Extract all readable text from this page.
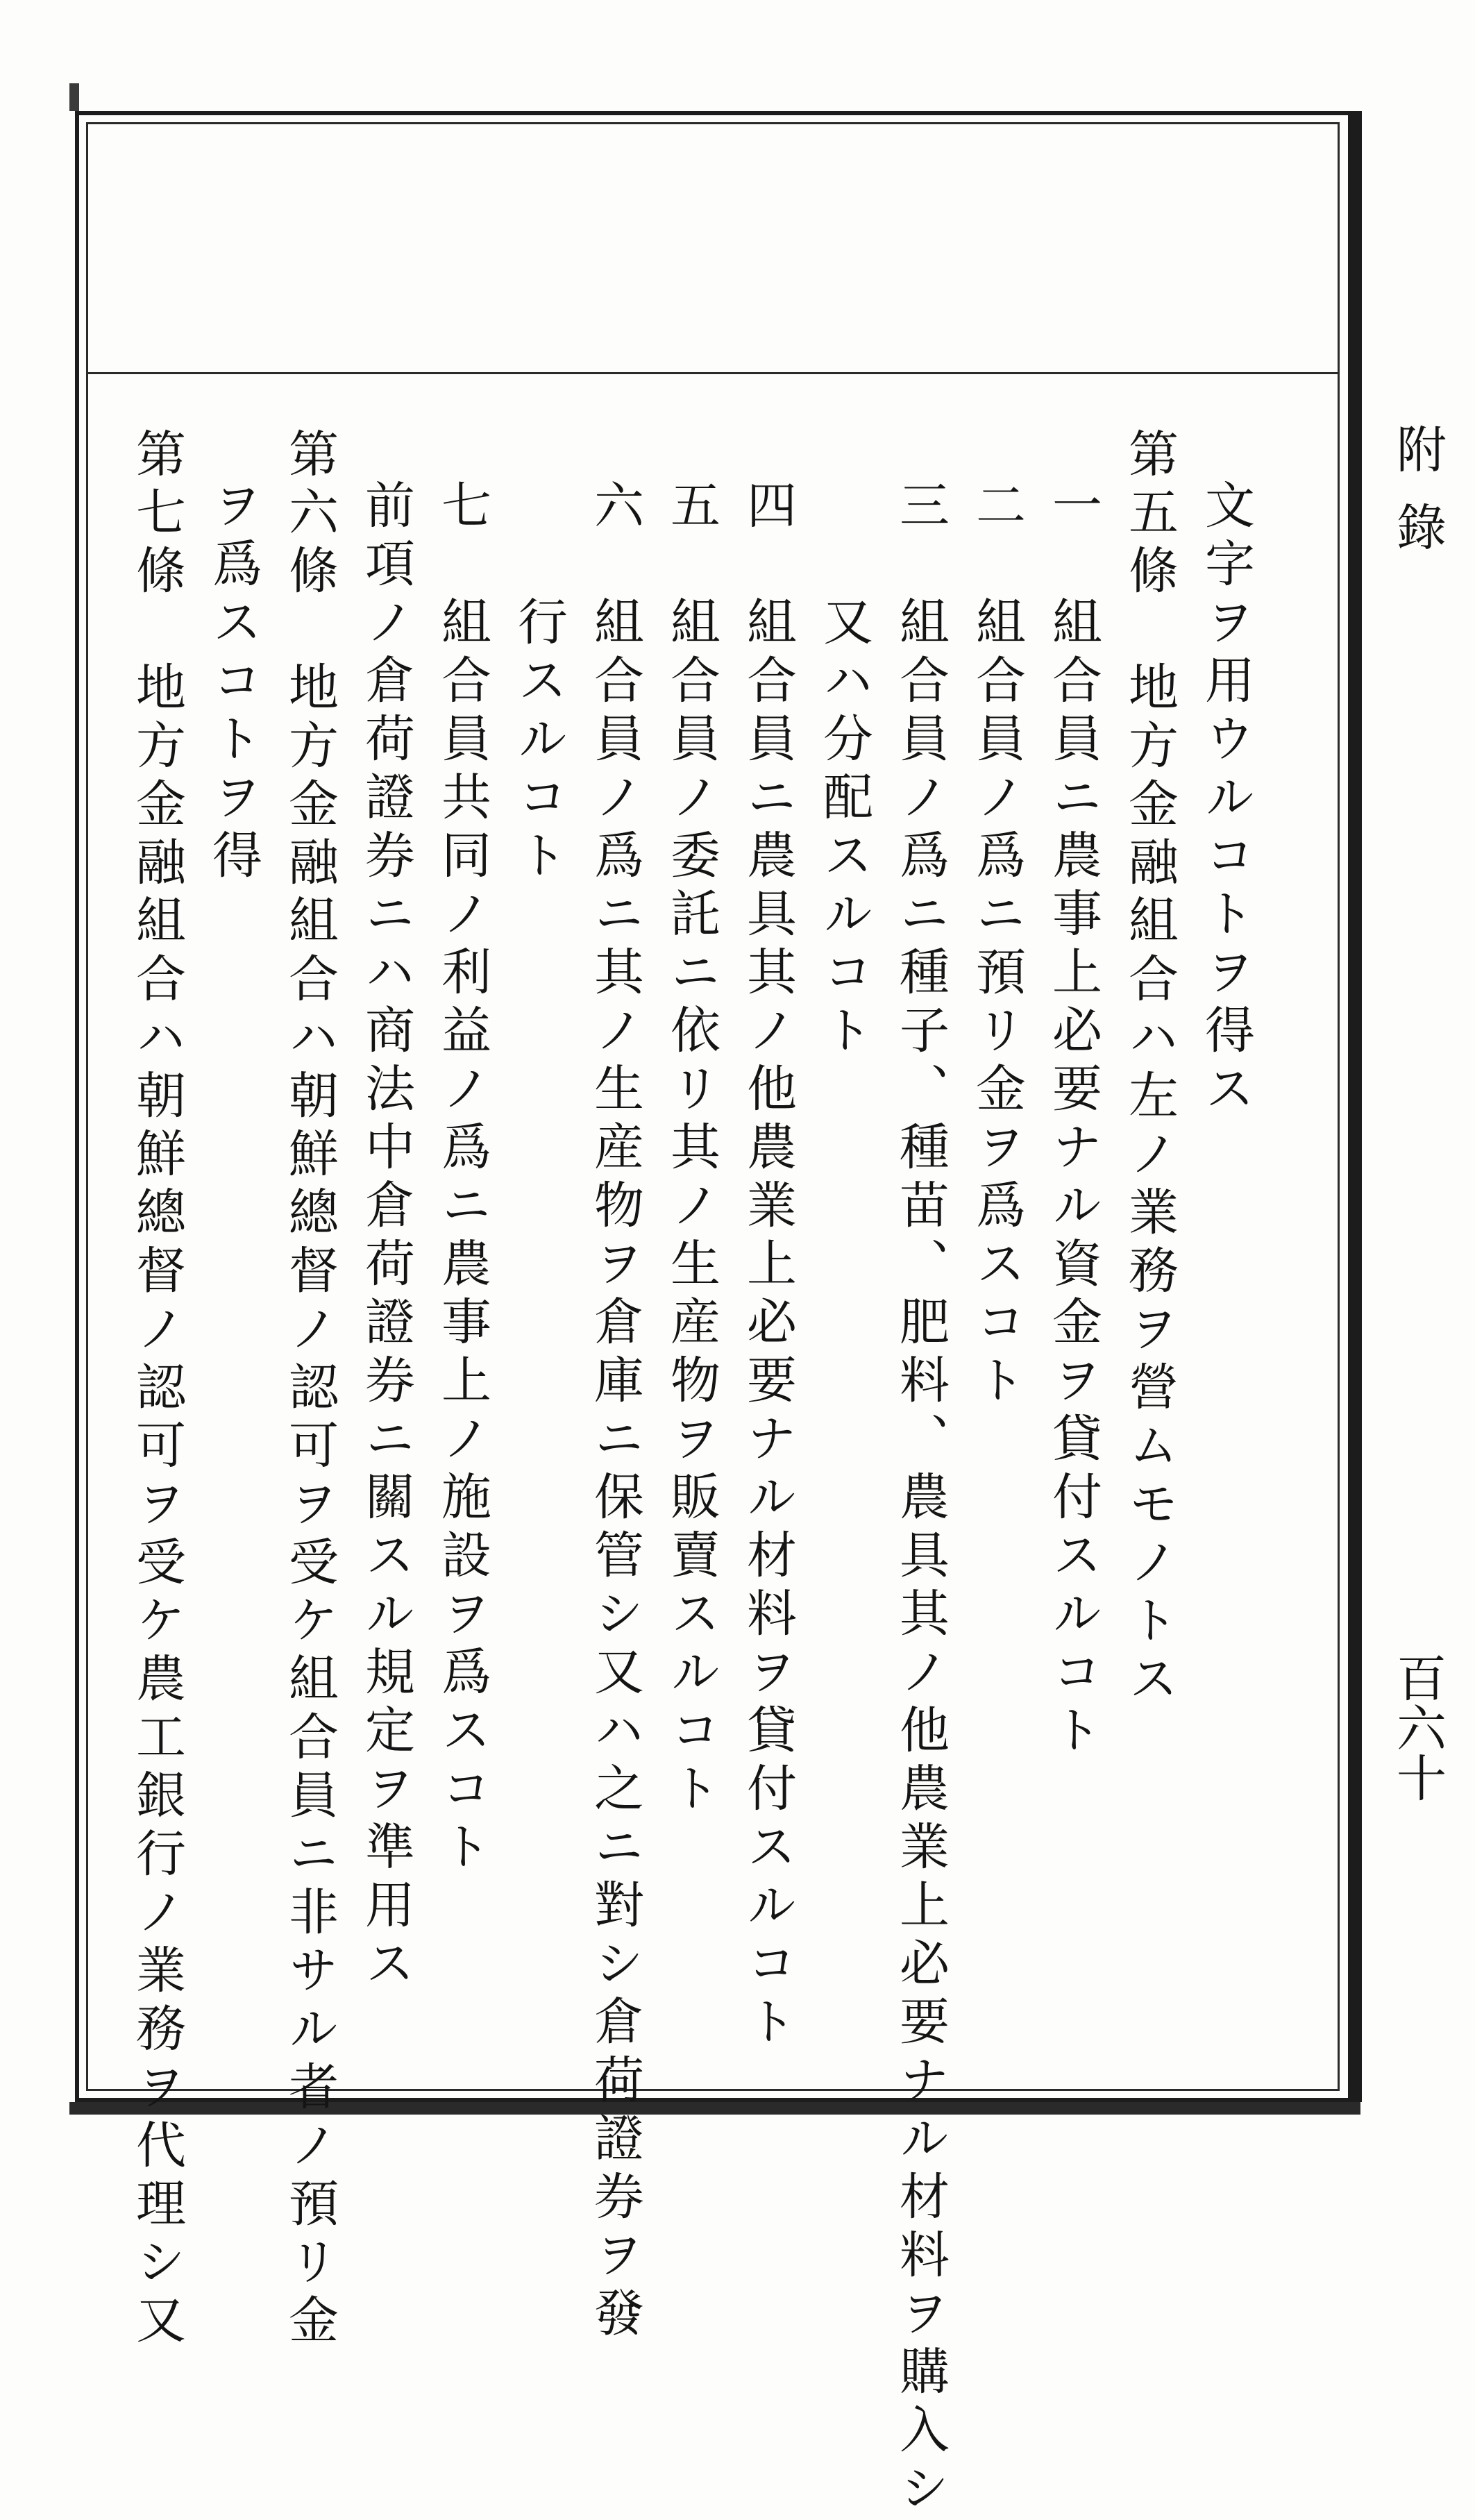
附錄
百六十
文字ヲ用ウルコトヲ得ス
第五條　地方金融組合ハ左ノ業務ヲ營ムモノトス
一　組合員ニ農事上必要ナル資金ヲ貸付スルコト
二　組合員ノ爲ニ預リ金ヲ爲スコト
三　組合員ノ爲ニ種子、種苗、肥料、農具其ノ他農業上必要ナル材料ヲ購入シ
　　又ハ分配スルコト
四　組合員ニ農具其ノ他農業上必要ナル材料ヲ貸付スルコト
五　組合員ノ委託ニ依リ其ノ生産物ヲ販賣スルコト
六　組合員ノ爲ニ其ノ生産物ヲ倉庫ニ保管シ又ハ之ニ對シ倉荷證券ヲ發
　　行スルコト
七　組合員共同ノ利益ノ爲ニ農事上ノ施設ヲ爲スコト
前項ノ倉荷證券ニハ商法中倉荷證券ニ關スル規定ヲ準用ス
第六條　地方金融組合ハ朝鮮總督ノ認可ヲ受ケ組合員ニ非サル者ノ預リ金
ヲ爲スコトヲ得
第七條　地方金融組合ハ朝鮮總督ノ認可ヲ受ケ農工銀行ノ業務ヲ代理シ又
